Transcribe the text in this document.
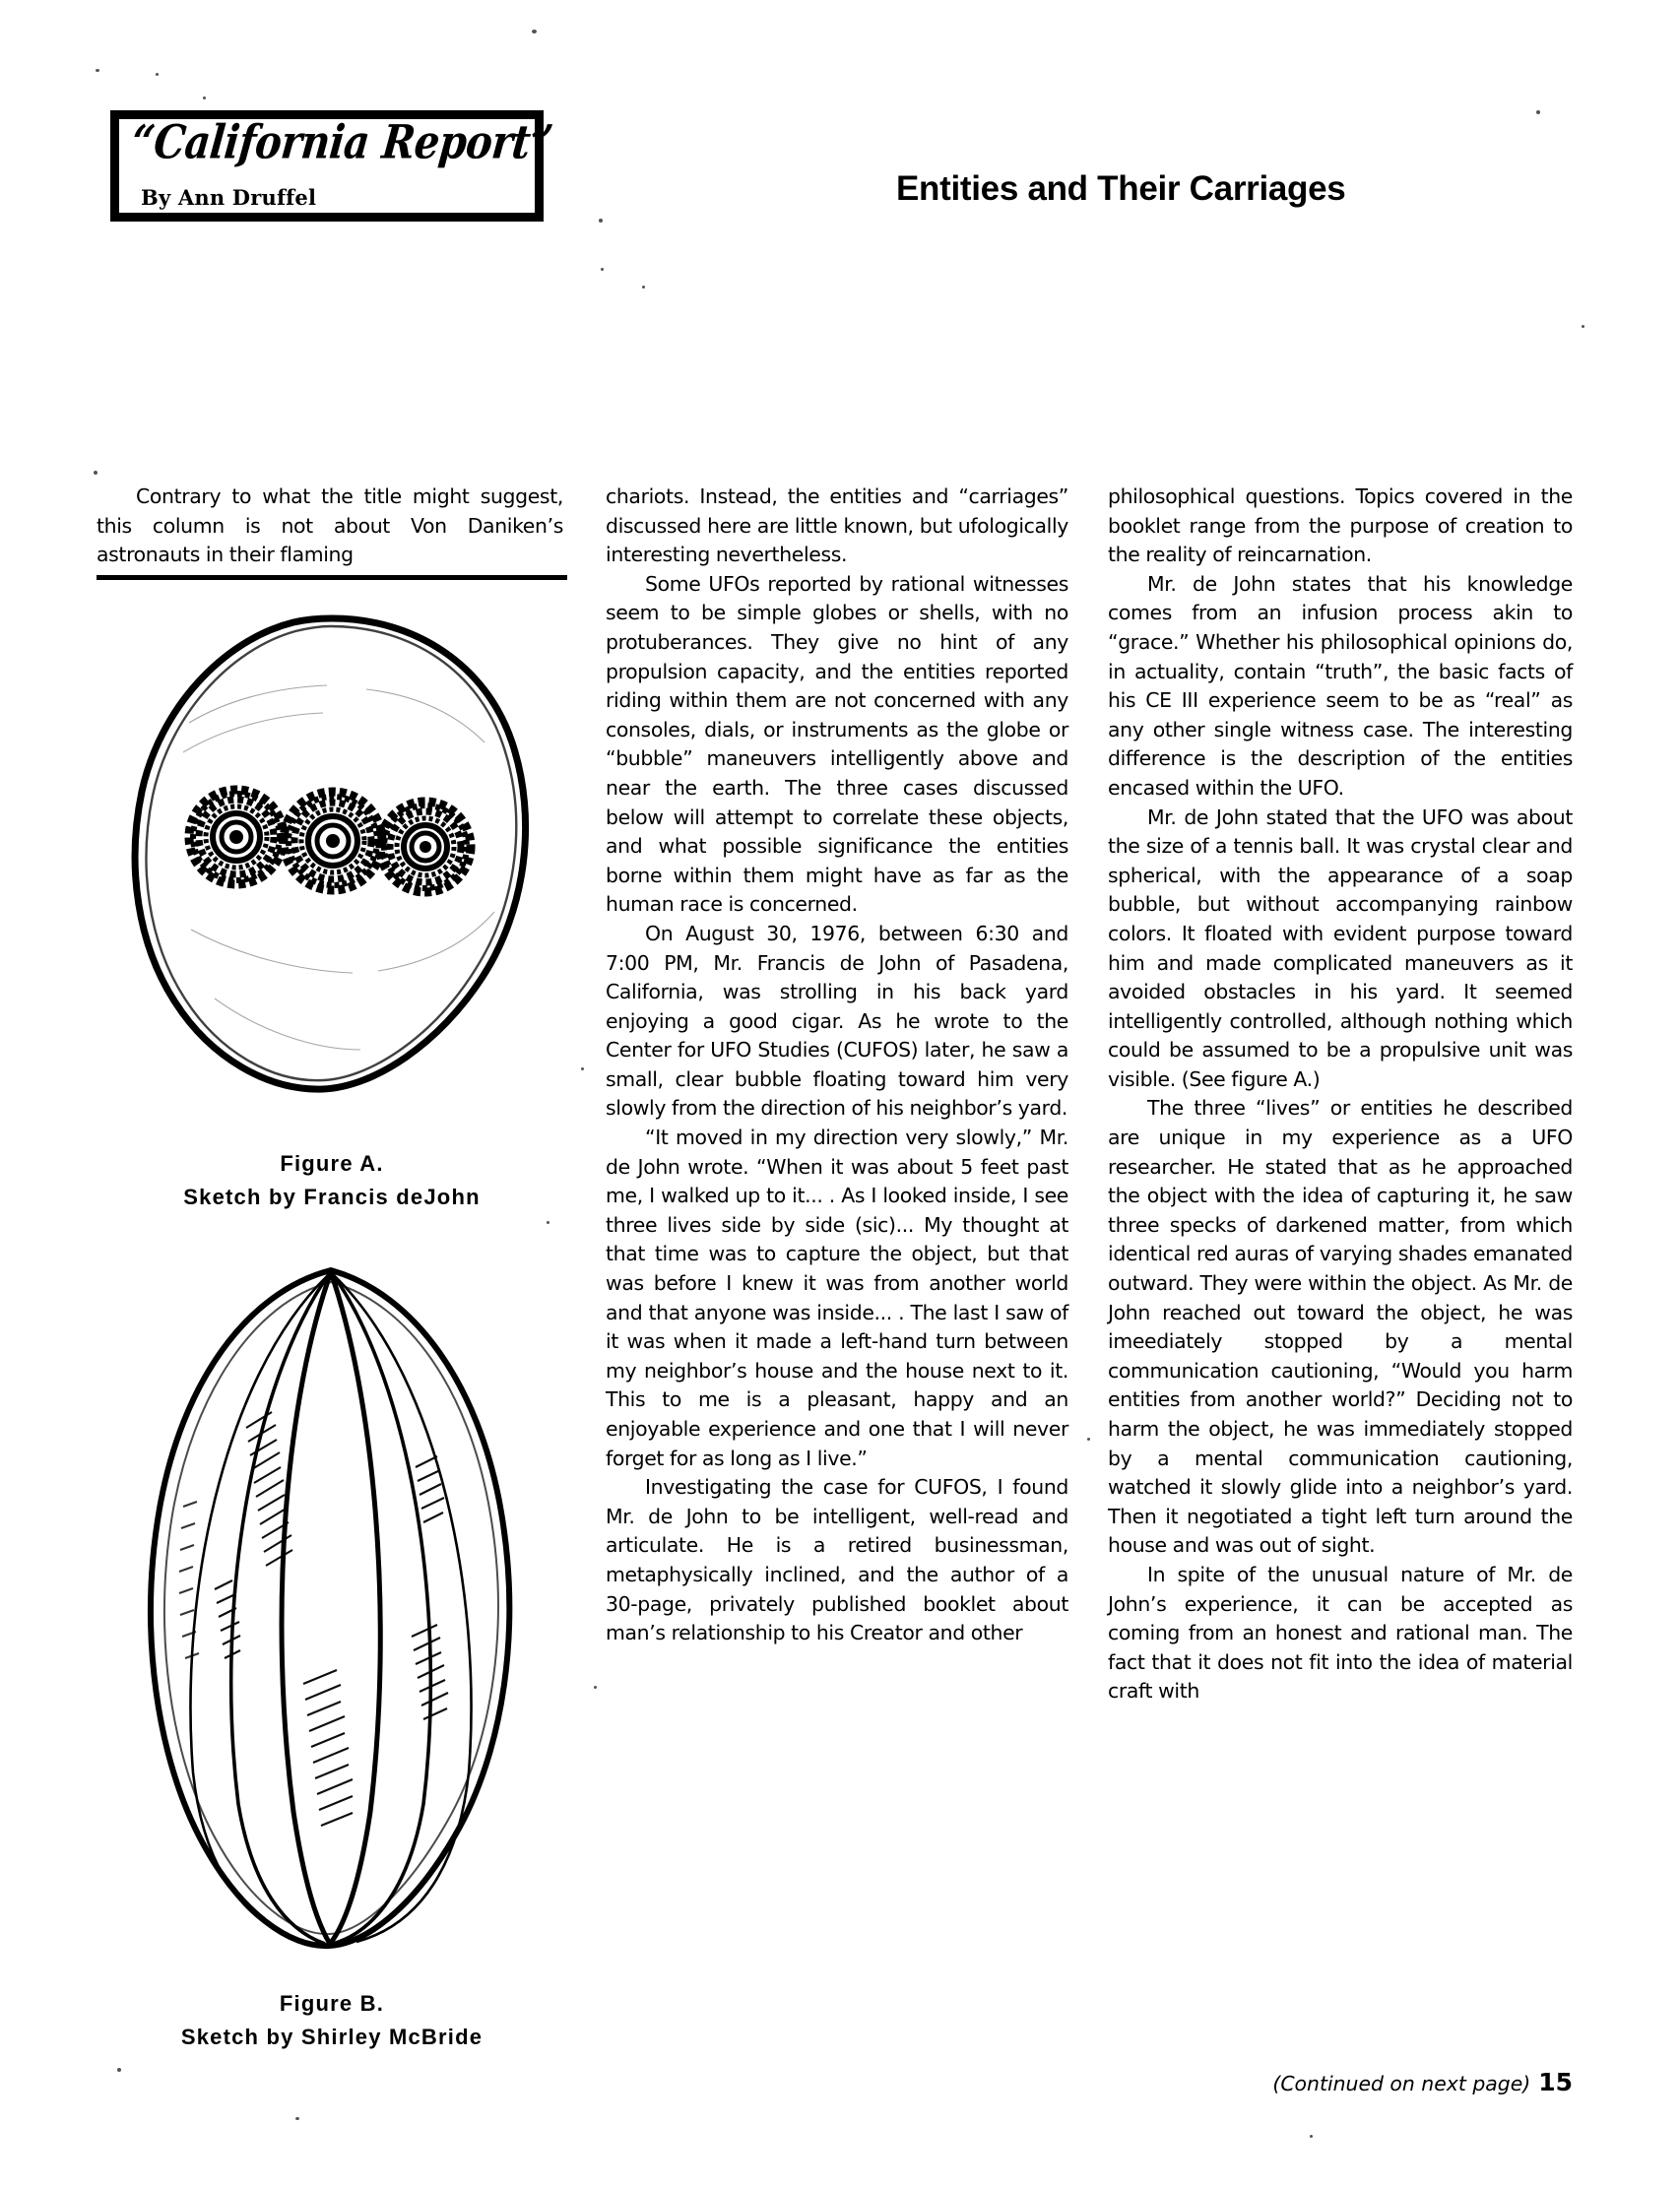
“California Report”
By Ann Druffel	Entities and Their Carriages

Contrary to what the title might suggest, this column is not about Von Daniken’s astronauts in their flaming

Figure A.
Sketch by Francis deJohn
Figure B.
Sketch by Shirley McBride

chariots. Instead, the entities and “carriages” discussed here are little known, but ufologically interesting nevertheless.

Some UFOs reported by rational witnesses seem to be simple globes or shells, with no protuberances. They give no hint of any propulsion capacity, and the entities reported riding within them are not concerned with any consoles, dials, or instruments as the globe or “bubble” maneuvers intelligently above and near the earth. The three cases discussed below will attempt to correlate these objects, and what possible significance the entities borne within them might have as far as the human race is concerned.

On August 30, 1976, between 6:30 and 7:00 PM, Mr. Francis de John of Pasadena, California, was strolling in his back yard enjoying a good cigar. As he wrote to the Center for UFO Studies (CUFOS) later, he saw a small, clear bubble floating toward him very slowly from the direction of his neighbor’s yard.

“It moved in my direction very slowly,” Mr. de John wrote. “When it was about 5 feet past me, I walked up to it... . As I looked inside, I see three lives side by side (sic)... My thought at that time was to capture the object, but that was before I knew it was from another world and that anyone was inside... . The last I saw of it was when it made a left-hand turn between my neighbor’s house and the house next to it. This to me is a pleasant, happy and an enjoyable experience and one that I will never forget for as long as I live.”

Investigating the case for CUFOS, I found Mr. de John to be intelligent, well-read and articulate. He is a retired businessman, metaphysically inclined, and the author of a 30-page, privately published booklet about man’s relationship to his Creator and other

philosophical questions. Topics covered in the booklet range from the purpose of creation to the reality of reincarnation.

Mr. de John states that his knowledge comes from an infusion process akin to “grace.” Whether his philosophical opinions do, in actuality, contain “truth”, the basic facts of his CE III experience seem to be as “real” as any other single witness case. The interesting difference is the description of the entities encased within the UFO.

Mr. de John stated that the UFO was about the size of a tennis ball. It was crystal clear and spherical, with the appearance of a soap bubble, but without accompanying rainbow colors. It floated with evident purpose toward him and made complicated maneuvers as it avoided obstacles in his yard. It seemed intelligently controlled, although nothing which could be assumed to be a propulsive unit was visible. (See figure A.)

The three “lives” or entities he described are unique in my experience as a UFO researcher. He stated that as he approached the object with the idea of capturing it, he saw three specks of darkened matter, from which identical red auras of varying shades emanated outward. They were within the object. As Mr. de John reached out toward the object, he was imeediately stopped by a mental communication cautioning, “Would you harm entities from another world?” Deciding not to harm the object, he was immediately stopped by a mental communication cautioning, watched it slowly glide into a neighbor’s yard. Then it negotiated a tight left turn around the house and was out of sight.

In spite of the unusual nature of Mr. de John’s experience, it can be accepted as coming from an honest and rational man. The fact that it does not fit into the idea of material craft with

(Continued on next page) 15
